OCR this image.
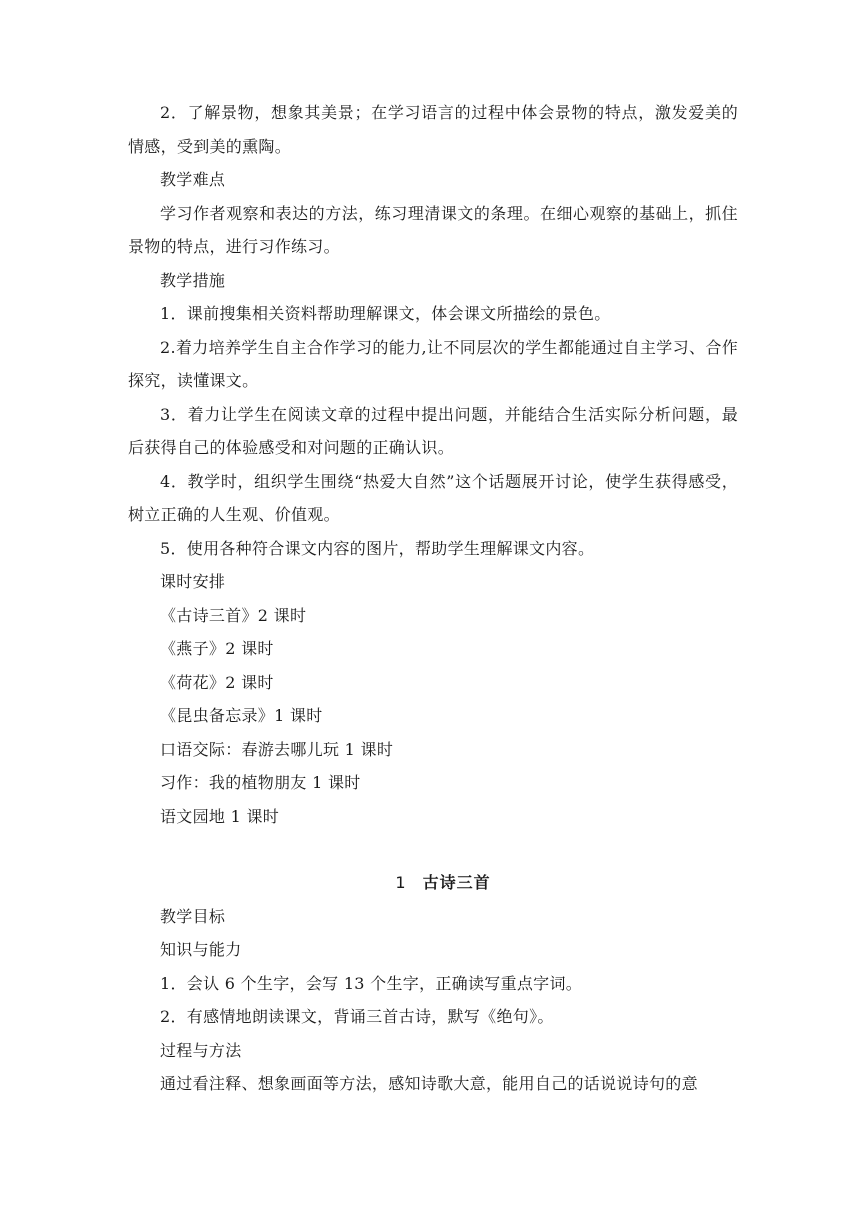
2．了解景物，想象其美景；在学习语言的过程中体会景物的特点，激发爱美的情感，受到美的熏陶。

教学难点

学习作者观察和表达的方法，练习理清课文的条理。在细心观察的基础上，抓住景物的特点，进行习作练习。

教学措施

1．课前搜集相关资料帮助理解课文，体会课文所描绘的景色。

2.着力培养学生自主合作学习的能力,让不同层次的学生都能通过自主学习、合作探究，读懂课文。

3．着力让学生在阅读文章的过程中提出问题，并能结合生活实际分析问题，最后获得自己的体验感受和对问题的正确认识。

4．教学时，组织学生围绕“热爱大自然”这个话题展开讨论，使学生获得感受，树立正确的人生观、价值观。

5．使用各种符合课文内容的图片，帮助学生理解课文内容。

课时安排

《古诗三首》2 课时

《燕子》2 课时

《荷花》2 课时

《昆虫备忘录》1 课时

口语交际：春游去哪儿玩 1 课时

习作：我的植物朋友 1 课时

语文园地 1 课时

1 古诗三首

教学目标

知识与能力

1．会认 6 个生字，会写 13 个生字，正确读写重点字词。

2．有感情地朗读课文，背诵三首古诗，默写《绝句》。

过程与方法

通过看注释、想象画面等方法，感知诗歌大意，能用自己的话说说诗句的意
